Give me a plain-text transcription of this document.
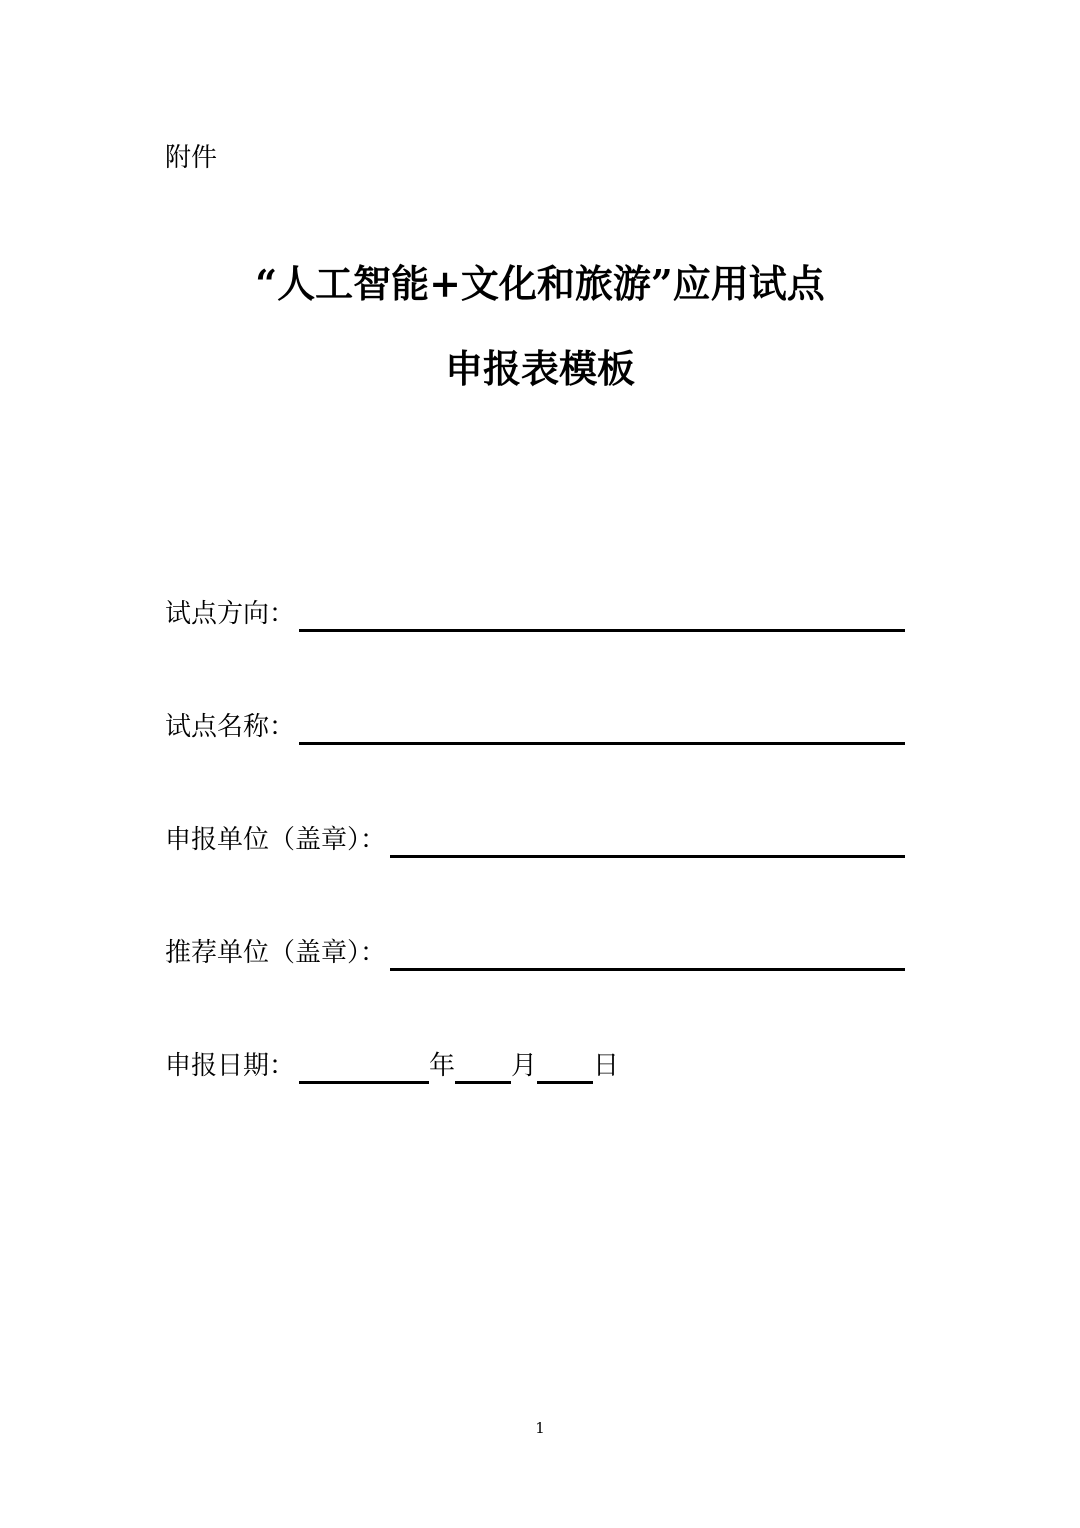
附件
“人工智能+文化和旅游”应用试点
申报表模板
试点方向：
试点名称：
申报单位（盖章）：
推荐单位（盖章）：
申报日期：	年 月 日
1
